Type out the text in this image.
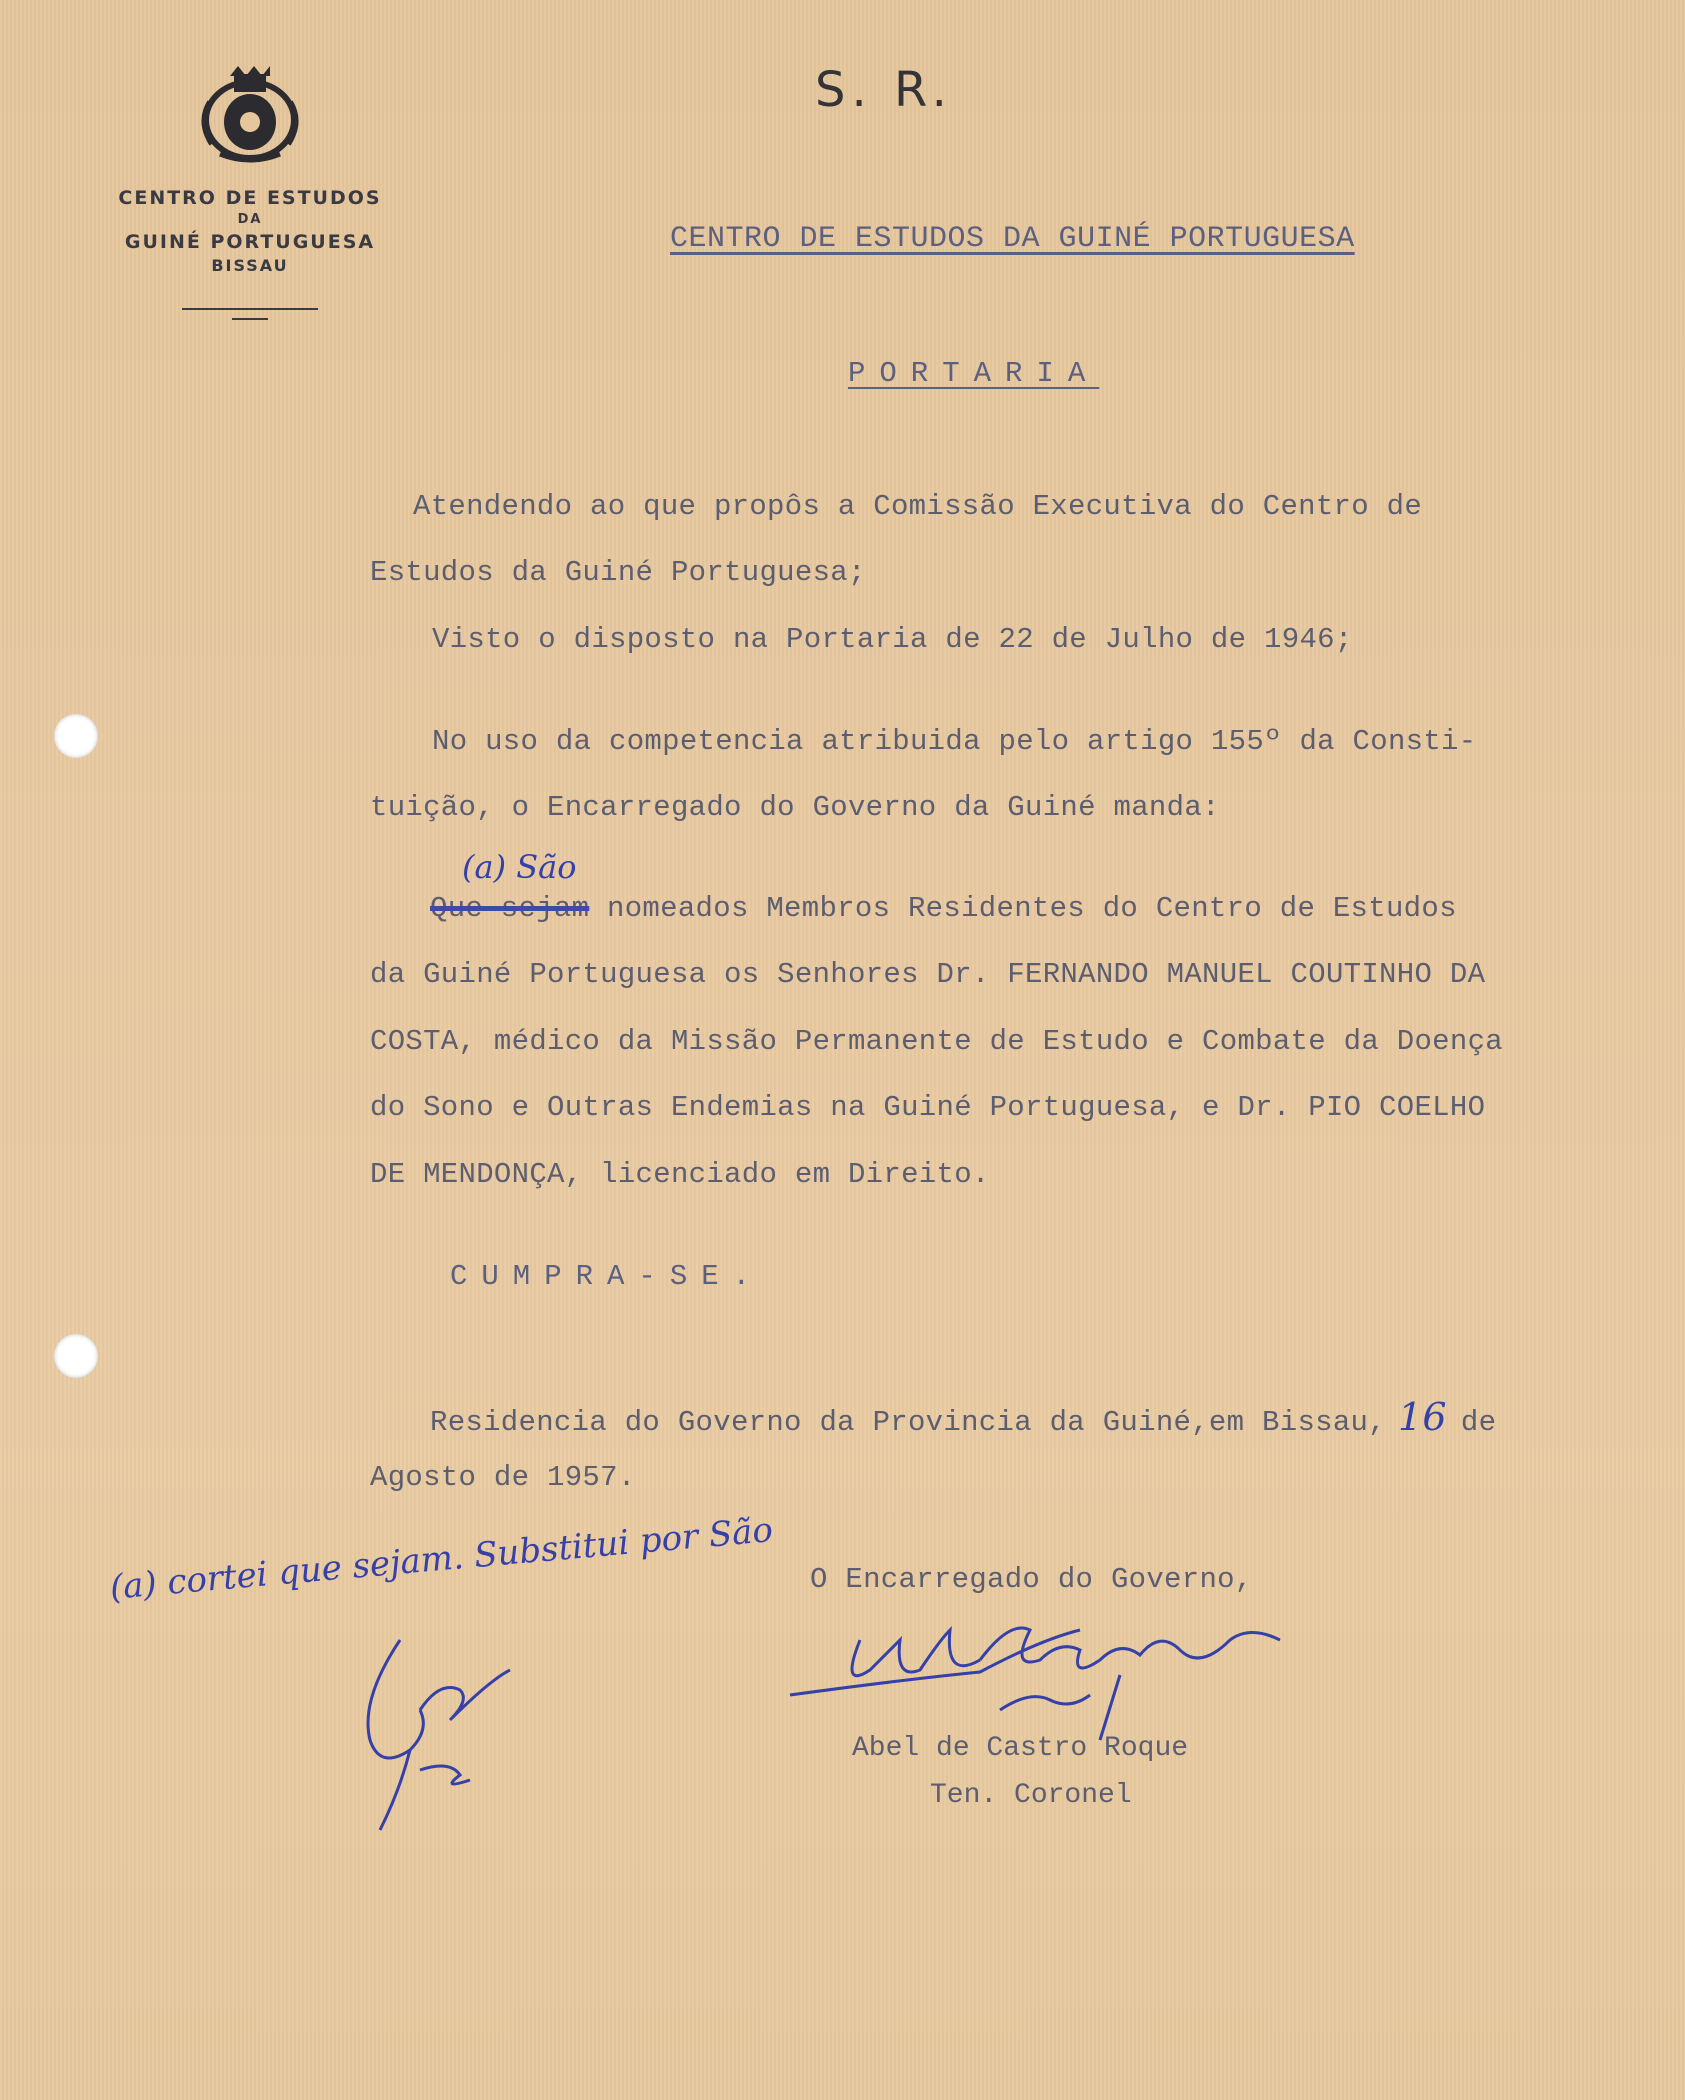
CENTRO DE ESTUDOS
DA
GUINÉ PORTUGUESA
BISSAU
S. R.
CENTRO DE ESTUDOS DA GUINÉ PORTUGUESA
PORTARIA
Atendendo ao que propôs a Comissão Executiva do Centro de
Estudos da Guiné Portuguesa;
Visto o disposto na Portaria de 22 de Julho de 1946;
No uso da competencia atribuida pelo artigo 155º da Consti-
tuição, o Encarregado do Governo da Guiné manda:
(a) São
Que sejam nomeados Membros Residentes do Centro de Estudos
da Guiné Portuguesa os Senhores Dr. FERNANDO MANUEL COUTINHO DA
COSTA, médico da Missão Permanente de Estudo e Combate da Doença
do Sono e Outras Endemias na Guiné Portuguesa, e Dr. PIO COELHO
DE MENDONÇA, licenciado em Direito.
CUMPRA-SE.
Residencia do Governo da Provincia da Guiné,em Bissau, 16 de
Agosto de 1957.
(a) cortei que sejam. Substitui por São O Encarregado do Governo,
Abel de Castro Roque
Ten. Coronel
